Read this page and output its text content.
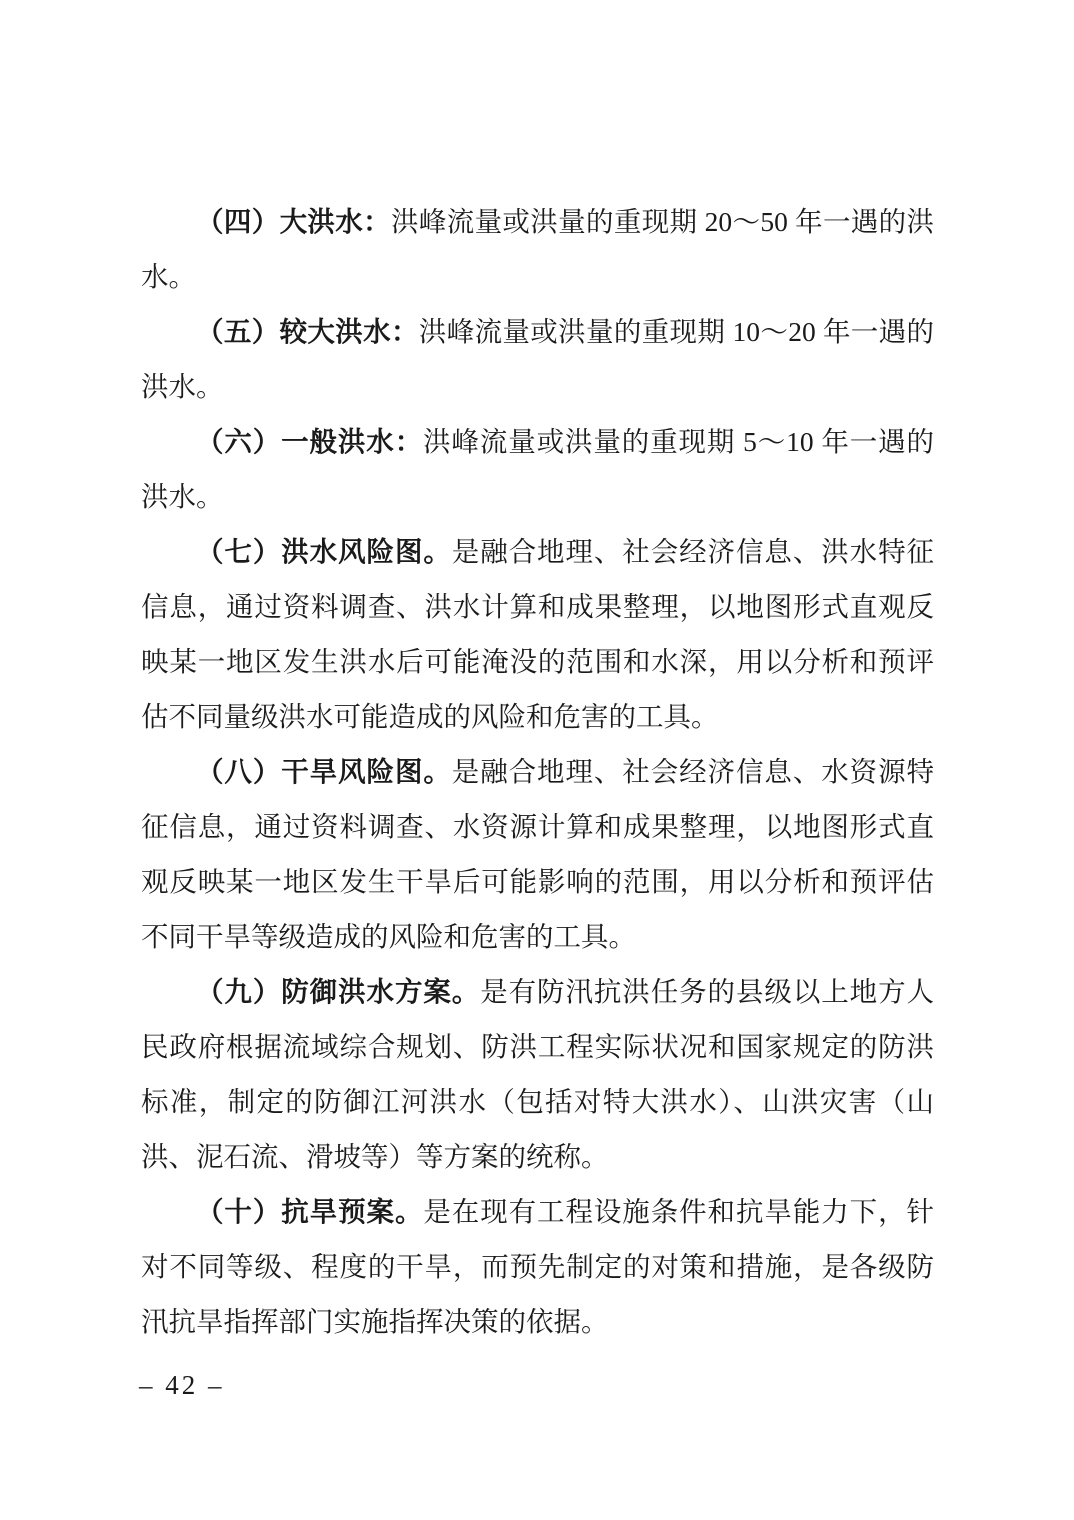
（四）大洪水：洪峰流量或洪量的重现期 20～50 年一遇的洪水。

（五）较大洪水：洪峰流量或洪量的重现期 10～20 年一遇的洪水。

（六）一般洪水：洪峰流量或洪量的重现期 5～10 年一遇的洪水。

（七）洪水风险图。是融合地理、社会经济信息、洪水特征信息，通过资料调查、洪水计算和成果整理，以地图形式直观反映某一地区发生洪水后可能淹没的范围和水深，用以分析和预评估不同量级洪水可能造成的风险和危害的工具。

（八）干旱风险图。是融合地理、社会经济信息、水资源特征信息，通过资料调查、水资源计算和成果整理，以地图形式直观反映某一地区发生干旱后可能影响的范围，用以分析和预评估不同干旱等级造成的风险和危害的工具。

（九）防御洪水方案。是有防汛抗洪任务的县级以上地方人民政府根据流域综合规划、防洪工程实际状况和国家规定的防洪标准，制定的防御江河洪水（包括对特大洪水）、山洪灾害（山洪、泥石流、滑坡等）等方案的统称。

（十）抗旱预案。是在现有工程设施条件和抗旱能力下，针对不同等级、程度的干旱，而预先制定的对策和措施，是各级防汛抗旱指挥部门实施指挥决策的依据。

– 42 –
